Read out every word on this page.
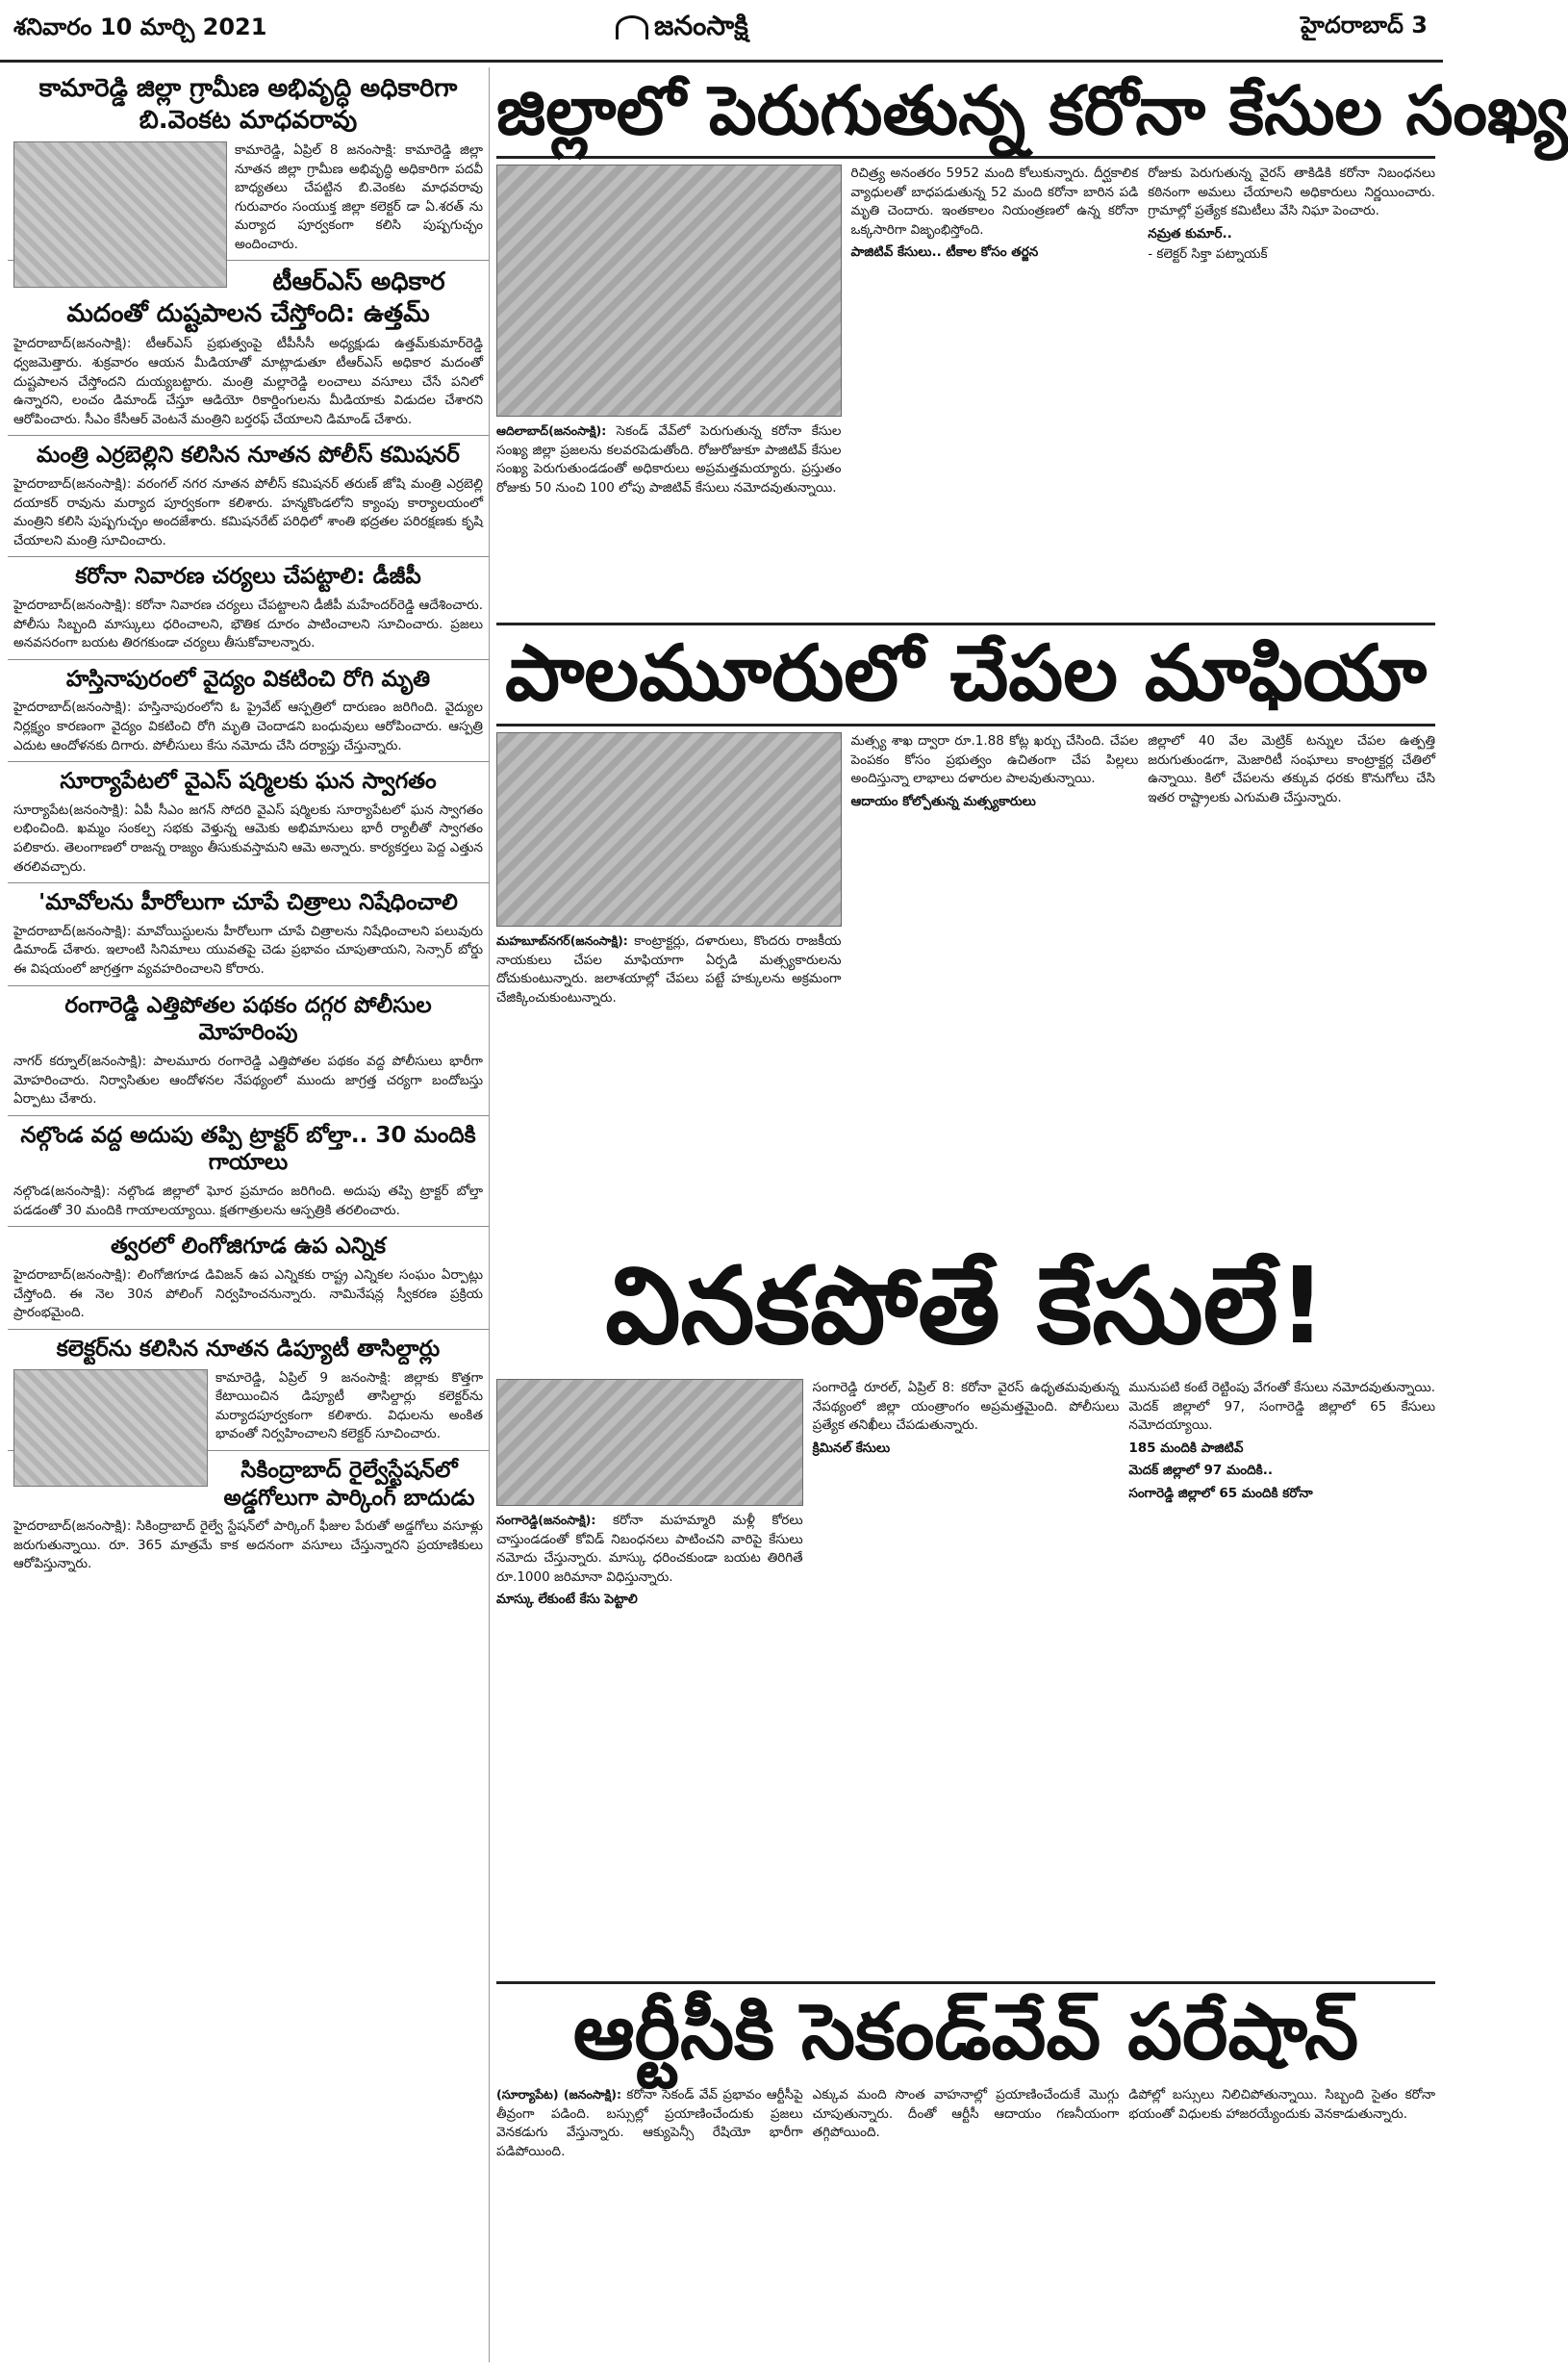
శనివారం 10 మార్చి 2021	జనంసాక్షి	హైదరాబాద్ 3
కామారెడ్డి జిల్లా గ్రామీణ అభివృద్ధి అధికారిగా బి.వెంకట మాధవరావు

కామారెడ్డి, ఏప్రిల్ 8 జనంసాక్షి: కామారెడ్డి జిల్లా నూతన జిల్లా గ్రామీణ అభివృద్ధి అధికారిగా పదవీ బాధ్యతలు చేపట్టిన బి.వెంకట మాధవరావు గురువారం సంయుక్త జిల్లా కలెక్టర్ డా ఏ.శరత్ ను మర్యాద పూర్వకంగా కలిసి పుష్పగుచ్ఛం అందించారు.

టీఆర్ఎస్ అధికార మదంతో దుష్టపాలన చేస్తోంది: ఉత్తమ్

హైదరాబాద్(జనంసాక్షి): టీఆర్ఎస్ ప్రభుత్వంపై టీపీసీసీ అధ్యక్షుడు ఉత్తమ్‌కుమార్‌రెడ్డి ధ్వజమెత్తారు. శుక్రవారం ఆయన మీడియాతో మాట్లాడుతూ టీఆర్ఎస్ అధికార మదంతో దుష్టపాలన చేస్తోందని దుయ్యబట్టారు. మంత్రి మల్లారెడ్డి లంచాలు వసూలు చేసే పనిలో ఉన్నారని, లంచం డిమాండ్ చేస్తూ ఆడియో రికార్డింగులను మీడియాకు విడుదల చేశారని ఆరోపించారు. సీఎం కేసీఆర్ వెంటనే మంత్రిని బర్తరఫ్ చేయాలని డిమాండ్ చేశారు.

మంత్రి ఎర్రబెల్లిని కలిసిన నూతన పోలీస్ కమిషనర్

హైదరాబాద్(జనంసాక్షి): వరంగల్ నగర నూతన పోలీస్ కమిషనర్ తరుణ్ జోషి మంత్రి ఎర్రబెల్లి దయాకర్ రావును మర్యాద పూర్వకంగా కలిశారు. హన్మకొండలోని క్యాంపు కార్యాలయంలో మంత్రిని కలిసి పుష్పగుచ్ఛం అందజేశారు. కమిషనరేట్ పరిధిలో శాంతి భద్రతల పరిరక్షణకు కృషి చేయాలని మంత్రి సూచించారు.

కరోనా నివారణ చర్యలు చేపట్టాలి: డీజీపీ

హైదరాబాద్(జనంసాక్షి): కరోనా నివారణ చర్యలు చేపట్టాలని డీజీపీ మహేందర్‌రెడ్డి ఆదేశించారు. పోలీసు సిబ్బంది మాస్కులు ధరించాలని, భౌతిక దూరం పాటించాలని సూచించారు. ప్రజలు అనవసరంగా బయట తిరగకుండా చర్యలు తీసుకోవాలన్నారు.

హస్తినాపురంలో వైద్యం వికటించి రోగి మృతి

హైదరాబాద్(జనంసాక్షి): హస్తినాపురంలోని ఓ ప్రైవేట్ ఆస్పత్రిలో దారుణం జరిగింది. వైద్యుల నిర్లక్ష్యం కారణంగా వైద్యం వికటించి రోగి మృతి చెందాడని బంధువులు ఆరోపించారు. ఆస్పత్రి ఎదుట ఆందోళనకు దిగారు. పోలీసులు కేసు నమోదు చేసి దర్యాప్తు చేస్తున్నారు.

సూర్యాపేటలో వైఎస్ షర్మిలకు ఘన స్వాగతం

సూర్యాపేట(జనంసాక్షి): ఏపీ సీఎం జగన్ సోదరి వైఎస్ షర్మిలకు సూర్యాపేటలో ఘన స్వాగతం లభించింది. ఖమ్మం సంకల్ప సభకు వెళ్తున్న ఆమెకు అభిమానులు భారీ ర్యాలీతో స్వాగతం పలికారు. తెలంగాణలో రాజన్న రాజ్యం తీసుకువస్తామని ఆమె అన్నారు. కార్యకర్తలు పెద్ద ఎత్తున తరలివచ్చారు.

'మావోలను హీరోలుగా చూపే చిత్రాలు నిషేధించాలి

హైదరాబాద్(జనంసాక్షి): మావోయిస్టులను హీరోలుగా చూపే చిత్రాలను నిషేధించాలని పలువురు డిమాండ్ చేశారు. ఇలాంటి సినిమాలు యువతపై చెడు ప్రభావం చూపుతాయని, సెన్సార్ బోర్డు ఈ విషయంలో జాగ్రత్తగా వ్యవహరించాలని కోరారు.

రంగారెడ్డి ఎత్తిపోతల పథకం దగ్గర పోలీసుల మోహరింపు

నాగర్ కర్నూల్(జనంసాక్షి): పాలమూరు రంగారెడ్డి ఎత్తిపోతల పథకం వద్ద పోలీసులు భారీగా మోహరించారు. నిర్వాసితుల ఆందోళనల నేపథ్యంలో ముందు జాగ్రత్త చర్యగా బందోబస్తు ఏర్పాటు చేశారు.

నల్గొండ వద్ద అదుపు తప్పి ట్రాక్టర్ బోల్తా.. 30 మందికి గాయాలు

నల్గొండ(జనంసాక్షి): నల్గొండ జిల్లాలో ఘోర ప్రమాదం జరిగింది. అదుపు తప్పి ట్రాక్టర్ బోల్తా పడడంతో 30 మందికి గాయాలయ్యాయి. క్షతగాత్రులను ఆస్పత్రికి తరలించారు.

త్వరలో లింగోజిగూడ ఉప ఎన్నిక

హైదరాబాద్(జనంసాక్షి): లింగోజిగూడ డివిజన్ ఉప ఎన్నికకు రాష్ట్ర ఎన్నికల సంఘం ఏర్పాట్లు చేస్తోంది. ఈ నెల 30న పోలింగ్ నిర్వహించనున్నారు. నామినేషన్ల స్వీకరణ ప్రక్రియ ప్రారంభమైంది.

కలెక్టర్‌ను కలిసిన నూతన డిప్యూటీ తాసిల్దార్లు

కామారెడ్డి, ఏప్రిల్ 9 జనంసాక్షి: జిల్లాకు కొత్తగా కేటాయించిన డిప్యూటీ తాసిల్దార్లు కలెక్టర్‌ను మర్యాదపూర్వకంగా కలిశారు. విధులను అంకిత భావంతో నిర్వహించాలని కలెక్టర్ సూచించారు.

సికింద్రాబాద్ రైల్వేస్టేషన్‌లో అడ్డగోలుగా పార్కింగ్ బాదుడు

హైదరాబాద్(జనంసాక్షి): సికింద్రాబాద్ రైల్వే స్టేషన్‌లో పార్కింగ్ ఫీజుల పేరుతో అడ్డగోలు వసూళ్లు జరుగుతున్నాయి. రూ. 365 మాత్రమే కాక అదనంగా వసూలు చేస్తున్నారని ప్రయాణికులు ఆరోపిస్తున్నారు.

జిల్లాలో పెరుగుతున్న కరోనా కేసుల సంఖ్య

ఆదిలాబాద్(జనంసాక్షి): సెకండ్ వేవ్‌లో పెరుగుతున్న కరోనా కేసుల సంఖ్య జిల్లా ప్రజలను కలవరపెడుతోంది. రోజురోజుకూ పాజిటివ్ కేసుల సంఖ్య పెరుగుతుండడంతో అధికారులు అప్రమత్తమయ్యారు. ప్రస్తుతం రోజుకు 50 నుంచి 100 లోపు పాజిటివ్ కేసులు నమోదవుతున్నాయి.

రిచిత్ర్య అనంతరం 5952 మంది కోలుకున్నారు. దీర్ఘకాలిక వ్యాధులతో బాధపడుతున్న 52 మంది కరోనా బారిన పడి మృతి చెందారు. ఇంతకాలం నియంత్రణలో ఉన్న కరోనా ఒక్కసారిగా విజృంభిస్తోంది.

పాజిటివ్ కేసులు.. టీకాల కోసం తర్జన

రోజుకు పెరుగుతున్న వైరస్ తాకిడికి కరోనా నిబంధనలు కఠినంగా అమలు చేయాలని అధికారులు నిర్ణయించారు. గ్రామాల్లో ప్రత్యేక కమిటీలు వేసి నిఘా పెంచారు.

నమ్రత కుమార్..

- కలెక్టర్ సిక్తా పట్నాయక్

పాలమూరులో చేపల మాఫియా

మహబూబ్‌నగర్(జనంసాక్షి): కాంట్రాక్టర్లు, దళారులు, కొందరు రాజకీయ నాయకులు చేపల మాఫియాగా ఏర్పడి మత్స్యకారులను దోచుకుంటున్నారు. జలాశయాల్లో చేపలు పట్టే హక్కులను అక్రమంగా చేజిక్కించుకుంటున్నారు.

మత్స్య శాఖ ద్వారా రూ.1.88 కోట్ల ఖర్చు చేసింది. చేపల పెంపకం కోసం ప్రభుత్వం ఉచితంగా చేప పిల్లలు అందిస్తున్నా లాభాలు దళారుల పాలవుతున్నాయి.

ఆదాయం కోల్పోతున్న మత్స్యకారులు

జిల్లాలో 40 వేల మెట్రిక్ టన్నుల చేపల ఉత్పత్తి జరుగుతుండగా, మెజారిటీ సంఘాలు కాంట్రాక్టర్ల చేతిలో ఉన్నాయి. కిలో చేపలను తక్కువ ధరకు కొనుగోలు చేసి ఇతర రాష్ట్రాలకు ఎగుమతి చేస్తున్నారు.

వినకపోతే కేసులే!

సంగారెడ్డి(జనంసాక్షి): కరోనా మహమ్మారి మళ్లీ కోరలు చాస్తుండడంతో కోవిడ్ నిబంధనలు పాటించని వారిపై కేసులు నమోదు చేస్తున్నారు. మాస్కు ధరించకుండా బయట తిరిగితే రూ.1000 జరిమానా విధిస్తున్నారు.

మాస్కు లేకుంటే కేసు పెట్టాలి

సంగారెడ్డి రూరల్, ఏప్రిల్ 8: కరోనా వైరస్ ఉధృతమవుతున్న నేపథ్యంలో జిల్లా యంత్రాంగం అప్రమత్తమైంది. పోలీసులు ప్రత్యేక తనిఖీలు చేపడుతున్నారు.

క్రిమినల్ కేసులు

మునుపటి కంటే రెట్టింపు వేగంతో కేసులు నమోదవుతున్నాయి. మెదక్ జిల్లాలో 97, సంగారెడ్డి జిల్లాలో 65 కేసులు నమోదయ్యాయి.

185 మందికి పాజిటివ్
మెదక్ జిల్లాలో 97 మందికి..
సంగారెడ్డి జిల్లాలో 65 మందికి కరోనా
ఆర్టీసీకి సెకండ్‌వేవ్ పరేషాన్

(సూర్యాపేట) (జనంసాక్షి): కరోనా సెకండ్ వేవ్ ప్రభావం ఆర్టీసీపై తీవ్రంగా పడింది. బస్సుల్లో ప్రయాణించేందుకు ప్రజలు వెనకడుగు వేస్తున్నారు. ఆక్యుపెన్సీ రేషియో భారీగా పడిపోయింది.

ఎక్కువ మంది సొంత వాహనాల్లో ప్రయాణించేందుకే మొగ్గు చూపుతున్నారు. దీంతో ఆర్టీసీ ఆదాయం గణనీయంగా తగ్గిపోయింది.

డిపోల్లో బస్సులు నిలిచిపోతున్నాయి. సిబ్బంది సైతం కరోనా భయంతో విధులకు హాజరయ్యేందుకు వెనకాడుతున్నారు.
